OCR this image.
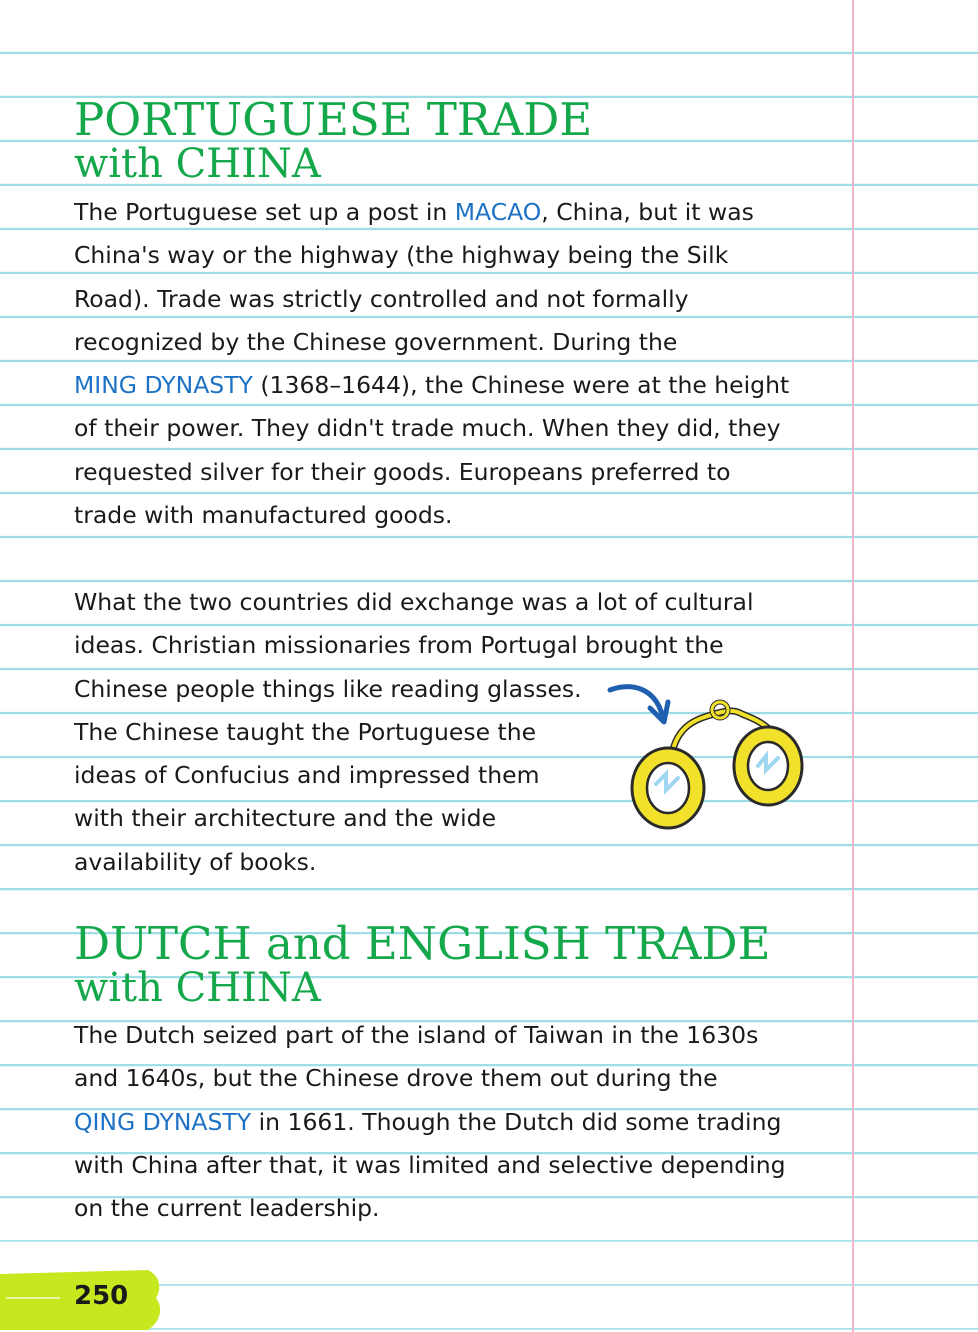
PORTUGUESE TRADE
with CHINA

The Portuguese set up a post in MACAO, China, but it was
China's way or the highway (the highway being the Silk
Road). Trade was strictly controlled and not formally
recognized by the Chinese government. During the
MING DYNASTY (1368–1644), the Chinese were at the height
of their power. They didn't trade much. When they did, they
requested silver for their goods. Europeans preferred to
trade with manufactured goods.

What the two countries did exchange was a lot of cultural
ideas. Christian missionaries from Portugal brought the
Chinese people things like reading glasses.
The Chinese taught the Portuguese the
ideas of Confucius and impressed them
with their architecture and the wide
availability of books.

DUTCH and ENGLISH TRADE
with CHINA

The Dutch seized part of the island of Taiwan in the 1630s
and 1640s, but the Chinese drove them out during the
QING DYNASTY in 1661. Though the Dutch did some trading
with China after that, it was limited and selective depending
on the current leadership.

250
